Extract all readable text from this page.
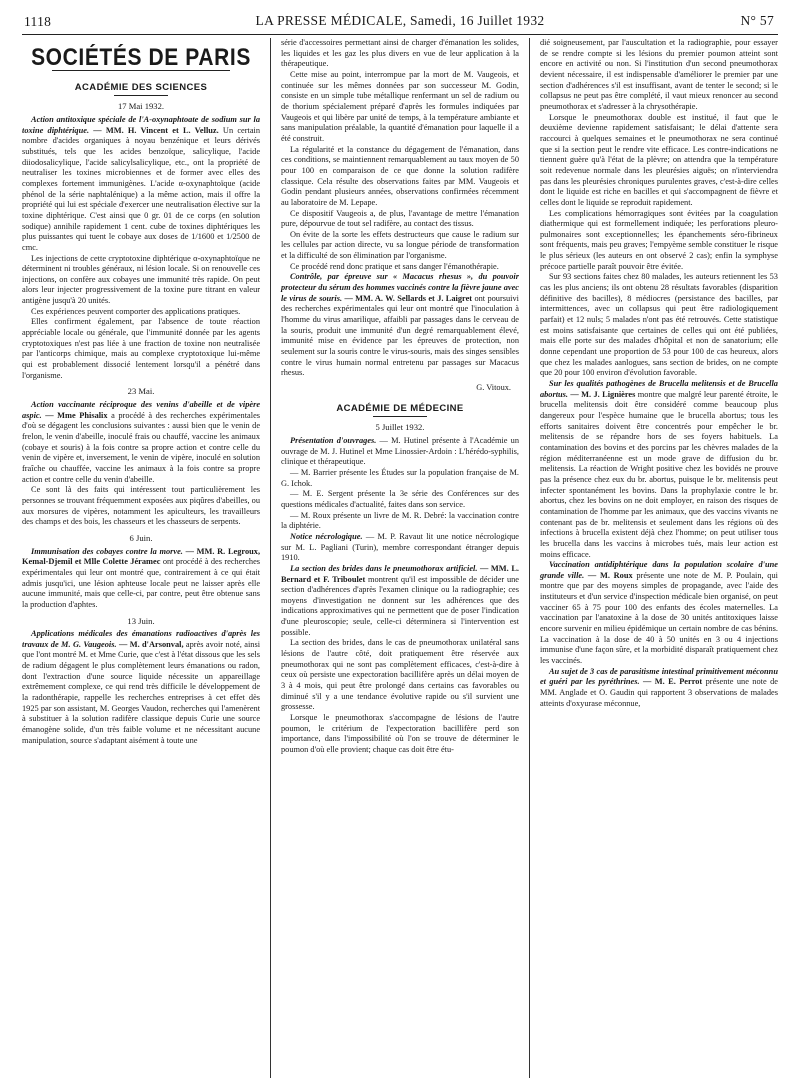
1118	LA PRESSE MÉDICALE, Samedi, 16 Juillet 1932	N° 57
SOCIÉTÉS DE PARIS
ACADÉMIE DES SCIENCES
17 Mai 1932.

Action antitoxique spéciale de l'A-oxynaphtoate de sodium sur la toxine diphtérique. — MM. H. Vincent et L. Velluz. Un certain nombre d'acides organiques à noyau benzénique et leurs dérivés substitués, tels que les acides benzoïque, salicylique, l'acide diiodosalicylique, l'acide salicylsalicylique, etc., ont la propriété de neutraliser les toxines microbiennes et de former avec elles des complexes fortement immunigènes. L'acide α-oxynaphtoïque (acide phénol de la série naphtalénique) a la même action, mais il offre la propriété qui lui est spéciale d'exercer une neutralisation élective sur la toxine diphtérique. C'est ainsi que 0 gr. 01 de ce corps (en solution sodique) annihile rapidement 1 cent. cube de toxines diphtériques les plus puissantes qui tuent le cobaye aux doses de 1/1600 et 1/2500 de cmc.

Les injections de cette cryptotoxine diphtérique α-oxynaphtoïque ne déterminent ni troubles généraux, ni lésion locale. Si on renouvelle ces injections, on confère aux cobayes une immunité très rapide. On peut alors leur injecter progressivement de la toxine pure titrant en valeur antigène jusqu'à 20 unités.

Ces expériences peuvent comporter des applications pratiques.

Elles confirment également, par l'absence de toute réaction appréciable locale ou générale, que l'immunité donnée par les agents cryptotoxiques n'est pas liée à une fraction de toxine non neutralisée par l'anticorps chimique, mais au complexe cryptotoxique lui-même qui est probablement dissocié lentement lorsqu'il a pénétré dans l'organisme.

23 Mai.

Action vaccinante réciproque des venins d'abeille et de vipère aspic. — Mme Phisalix a procédé à des recherches expérimentales d'où se dégagent les conclusions suivantes : aussi bien que le venin de frelon, le venin d'abeille, inoculé frais ou chauffé, vaccine les animaux (cobaye et souris) à la fois contre sa propre action et contre celle du venin de vipère et, inversement, le venin de vipère, inoculé en solution fraîche ou chauffée, vaccine les animaux à la fois contre sa propre action et contre celle du venin d'abeille.

Ce sont là des faits qui intéressent tout particulièrement les personnes se trouvant fréquemment exposées aux piqûres d'abeilles, ou aux morsures de vipères, notamment les apiculteurs, les travailleurs des champs et des bois, les chasseurs et les chasseurs de serpents.

6 Juin.

Immunisation des cobayes contre la morve. — MM. R. Legroux, Kemal-Djemil et Mlle Colette Jéramec ont procédé à des recherches expérimentales qui leur ont montré que, contrairement à ce qui était admis jusqu'ici, une lésion aphteuse locale peut ne laisser après elle aucune immunité, mais que celle-ci, par contre, peut être obtenue sans la production d'aphtes.

13 Juin.

Applications médicales des émanations radioactives d'après les travaux de M. G. Vaugeois. — M. d'Arsonval, après avoir noté, ainsi que l'ont montré M. et Mme Curie, que c'est à l'état dissous que les sels de radium dégagent le plus complètement leurs émanations ou radon, dont l'extraction d'une source liquide nécessite un appareillage extrêmement complexe, ce qui rend très difficile le développement de la radonthérapie, rappelle les recherches entreprises à cet effet dès 1925 par son assistant, M. Georges Vaudon, recherches qui l'amenèrent à substituer à la solution radifère classique depuis Curie une source émanogène solide, d'un très faible volume et ne nécessitant aucune manipulation, source s'adaptant aisément à toute une

série d'accessoires permettant ainsi de charger d'émanation les solides, les liquides et les gaz les plus divers en vue de leur application à la thérapeutique.

Cette mise au point, interrompue par la mort de M. Vaugeois, et continuée sur les mêmes données par son successeur M. Godin, consiste en un simple tube métallique renfermant un sel de radium ou de thorium spécialement préparé d'après les formules indiquées par Vaugeois et qui libère par unité de temps, à la température ambiante et sans manipulation préalable, la quantité d'émanation pour laquelle il a été construit.

La régularité et la constance du dégagement de l'émanation, dans ces conditions, se maintiennent remarquablement au taux moyen de 50 pour 100 en comparaison de ce que donne la solution radifère classique. Cela résulte des observations faites par MM. Vaugeois et Godin pendant plusieurs années, observations confirmées récemment au laboratoire de M. Lepape.

Ce dispositif Vaugeois a, de plus, l'avantage de mettre l'émanation pure, dépourvue de tout sel radifère, au contact des tissus.

On évite de la sorte les effets destructeurs que cause le radium sur les cellules par action directe, vu sa longue période de transformation et la difficulté de son élimination par l'organisme.

Ce procédé rend donc pratique et sans danger l'émanothérapie.

Contrôle, par épreuve sur « Macacus rhesus », du pouvoir protecteur du sérum des hommes vaccinés contre la fièvre jaune avec le virus de souris. — MM. A. W. Sellards et J. Laigret ont poursuivi des recherches expérimentales qui leur ont montré que l'inoculation à l'homme du virus amarilique, affaibli par passages dans le cerveau de la souris, produit une immunité d'un degré remarquablement élevé, immunité mise en évidence par les épreuves de protection, non seulement sur la souris contre le virus-souris, mais des singes sensibles contre le virus humain normal entretenu par passages sur Macacus rhesus.

G. Vitoux.
ACADÉMIE DE MÉDECINE
5 Juillet 1932.

Présentation d'ouvrages. — M. Hutinel présente à l'Académie un ouvrage de M. J. Hutinel et Mme Linossier-Ardoin : L'hérédo-syphilis, clinique et thérapeutique.

— M. Barrier présente les Études sur la population française de M. G. Ichok.

— M. E. Sergent présente la 3e série des Conférences sur des questions médicales d'actualité, faites dans son service.

— M. Roux présente un livre de M. R. Debré: la vaccination contre la diphtérie.

Notice nécrologique. — M. P. Ravaut lit une notice nécrologique sur M. L. Pagliani (Turin), membre correspondant étranger depuis 1910.

La section des brides dans le pneumothorax artificiel. — MM. L. Bernard et F. Triboulet montrent qu'il est impossible de décider une section d'adhérences d'après l'examen clinique ou la radiographie; ces moyens d'investigation ne donnent sur les adhérences que des indications approximatives qui ne permettent que de poser l'indication d'une pleuroscopie; seule, celle-ci déterminera si l'intervention est possible.

La section des brides, dans le cas de pneumothorax unilatéral sans lésions de l'autre côté, doit pratiquement être réservée aux pneumothorax qui ne sont pas complètement efficaces, c'est-à-dire à ceux où persiste une expectoration bacillifère après un délai moyen de 3 à 4 mois, qui peut être prolongé dans certains cas favorables ou diminué s'il y a une tendance évolutive rapide ou s'il survient une grossesse.

Lorsque le pneumothorax s'accompagne de lésions de l'autre poumon, le critérium de l'expectoration bacillifère perd son importance, dans l'impossibilité où l'on se trouve de déterminer le poumon d'où elle provient; chaque cas doit être étu-

dié soigneusement, par l'auscultation et la radiographie, pour essayer de se rendre compte si les lésions du premier poumon atteint sont encore en activité ou non. Si l'institution d'un second pneumothorax devient nécessaire, il est indispensable d'améliorer le premier par une section d'adhérences s'il est insuffisant, avant de tenter le second; si le collapsus ne peut pas être complété, il vaut mieux renoncer au second pneumothorax et s'adresser à la chrysothérapie.

Lorsque le pneumothorax double est institué, il faut que le deuxième devienne rapidement satisfaisant; le délai d'attente sera raccourci à quelques semaines et le pneumothorax ne sera continué que si la section peut le rendre vite efficace. Les contre-indications ne tiennent guère qu'à l'état de la plèvre; on attendra que la température soit redevenue normale dans les pleurésies aiguës; on n'interviendra pas dans les pleurésies chroniques purulentes graves, c'est-à-dire celles dont le liquide est riche en bacilles et qui s'accompagnent de fièvre et celles dont le liquide se reproduit rapidement.

Les complications hémorragiques sont évitées par la coagulation diathermique qui est formellement indiquée; les perforations pleuro-pulmonaires sont exceptionnelles; les épanchements séro-fibrineux sont fréquents, mais peu graves; l'empyème semble constituer le risque le plus sérieux (les auteurs en ont observé 2 cas); enfin la symphyse précoce partielle paraît pouvoir être évitée.

Sur 93 sections faites chez 80 malades, les auteurs retiennent les 53 cas les plus anciens; ils ont obtenu 28 résultats favorables (disparition définitive des bacilles), 8 médiocres (persistance des bacilles, par intermittences, avec un collapsus qui peut être radiologiquement parfait) et 12 nuls; 5 malades n'ont pas été retrouvés. Cette statistique est moins satisfaisante que certaines de celles qui ont été publiées, mais elle porte sur des malades d'hôpital et non de sanatorium; elle donne cependant une proportion de 53 pour 100 de cas heureux, alors que chez les malades aanlogues, sans section de brides, on ne compte que 20 pour 100 environ d'évolution favorable.

Sur les qualités pathogènes de Brucella melitensis et de Brucella abortus. — M. J. Lignières montre que malgré leur parenté étroite, le brucella melitensis doit être considéré comme beaucoup plus dangereux pour l'espèce humaine que le brucella abortus; tous les efforts sanitaires doivent être concentrés pour empêcher le br. melitensis de se répandre hors de ses foyers habituels. La contamination des bovins et des porcins par les chèvres malades de la région méditerranéenne est un mode grave de diffusion du br. melitensis. La réaction de Wright positive chez les bovidés ne prouve pas la présence chez eux du br. abortus, puisque le br. melitensis peut infecter spontanément les bovins. Dans la prophylaxie contre le br. abortus, chez les bovins on ne doit employer, en raison des risques de contamination de l'homme par les animaux, que des vaccins vivants ne contenant pas de br. melitensis et seulement dans les régions où des infections à brucella existent déjà chez l'homme; on peut utiliser tous les brucella dans les vaccins à microbes tués, mais leur action est moins efficace.

Vaccination antidiphtérique dans la population scolaire d'une grande ville. — M. Roux présente une note de M. P. Poulain, qui montre que par des moyens simples de propagande, avec l'aide des instituteurs et d'un service d'inspection médicale bien organisé, on peut vacciner 65 à 75 pour 100 des enfants des écoles maternelles. La vaccination par l'anatoxine à la dose de 30 unités antitoxiques laisse encore survenir en milieu épidémique un certain nombre de cas bénins. La vaccination à la dose de 40 à 50 unités en 3 ou 4 injections immunise d'une façon sûre, et la morbidité disparaît pratiquement chez les vaccinés.

Au sujet de 3 cas de parasitisme intestinal primitivement méconnu et guéri par les pyréthrines. — M. E. Perrot présente une note de MM. Anglade et O. Gaudin qui rapportent 3 observations de malades atteints d'oxyurase méconnue,
